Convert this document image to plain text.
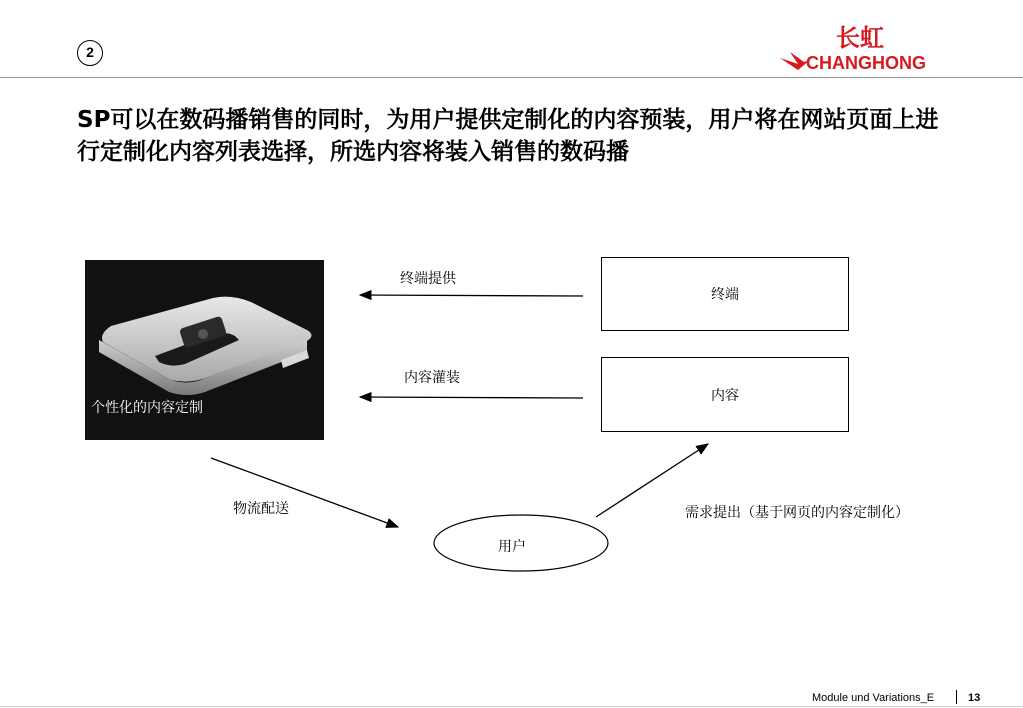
2	长虹
CHANGHONG
SP可以在数码播销售的同时，为用户提供定制化的内容预装，用户将在网站页面上进行定制化内容列表选择，所选内容将装入销售的数码播
个性化的内容定制
终端
内容
终端提供
内容灌装
物流配送	需求提出（基于网页的内容定制化）
用户
Module und Variations_E	13
